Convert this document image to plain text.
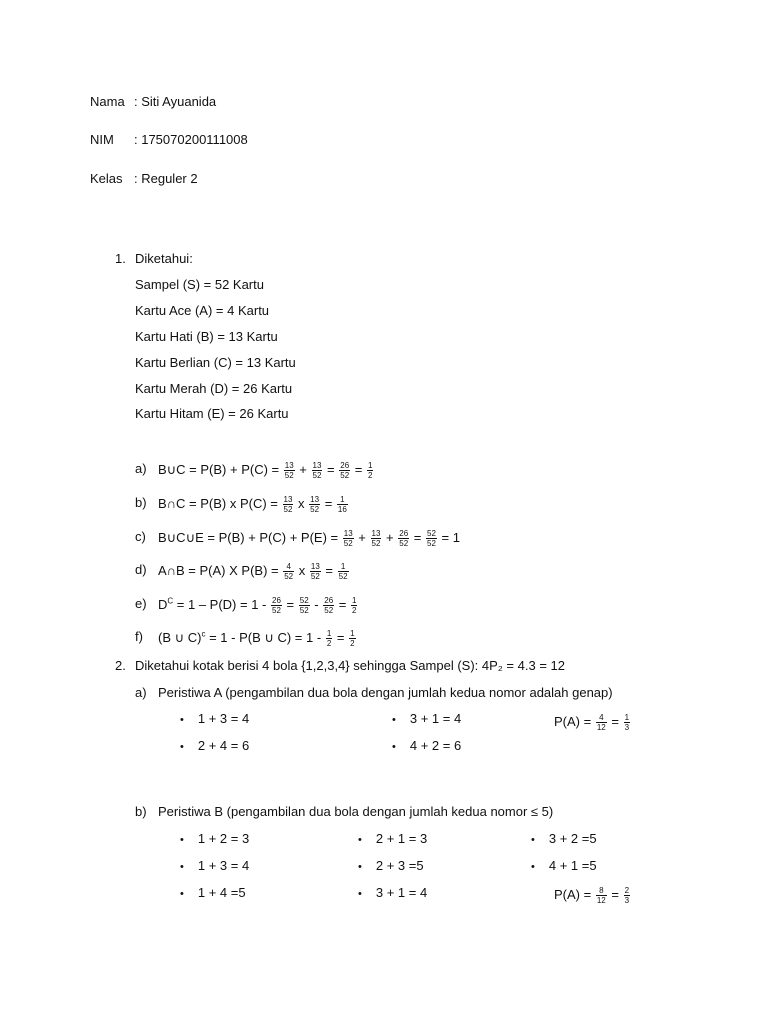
Nama : Siti Ayuanida
NIM : 175070200111008
Kelas : Reguler 2
1. Diketahui:
Sampel (S) = 52 Kartu
Kartu Ace (A) = 4 Kartu
Kartu Hati (B) = 13 Kartu
Kartu Berlian (C) = 13 Kartu
Kartu Merah (D) = 26 Kartu
Kartu Hitam (E) = 26 Kartu
a) B∪C = $P(B) + P(C) = \frac{13}{52} + \frac{13}{52} = \frac{26}{52} = \frac{1}{2}$
b) B∩C = P(B) x $P(C) = \frac{13}{52}$ x $\frac{13}{52} = \frac{1}{16}$
c) B∪C∪E = $P(B) + P(C) + P(E) = \frac{13}{52} + \frac{13}{52} + \frac{26}{52} = \frac{52}{52} = 1$
d) A∩B = P(A) X $P(B) = \frac{4}{52}$ x $\frac{13}{52} = \frac{1}{52}$
e) $D^C = 1 - P(D) = 1 - \frac{26}{52} = \frac{52}{52} - \frac{26}{52} = \frac{1}{2}$
f) (B ∪ C)$^c$ = 1 - P(B ∪ $C) = 1 - \frac{1}{2} = \frac{1}{2}$
2. Diketahui kotak berisi 4 bola {1,2,3,4} sehingga Sampel (S): 4P₂ = 4.3 = 12
a) Peristiwa A (pengambilan dua bola dengan jumlah kedua nomor adalah genap)
• 1 + 3 = 4
• 2 + 4 = 6
• 3 + 1 = 4
• 4 + 2 = 6
$P(A) = \frac{4}{12} = \frac{1}{3}$
b) Peristiwa B (pengambilan dua bola dengan jumlah kedua nomor ≤ 5)
• 1 + 2 = 3
• 1 + 3 = 4
• 1 + 4 =5
• 2 + 1 = 3
• 2 + 3 =5
• 3 + 1 = 4
• 3 + 2 =5
• 4 + 1 =5
$P(A) = \frac{8}{12} = \frac{2}{3}$
